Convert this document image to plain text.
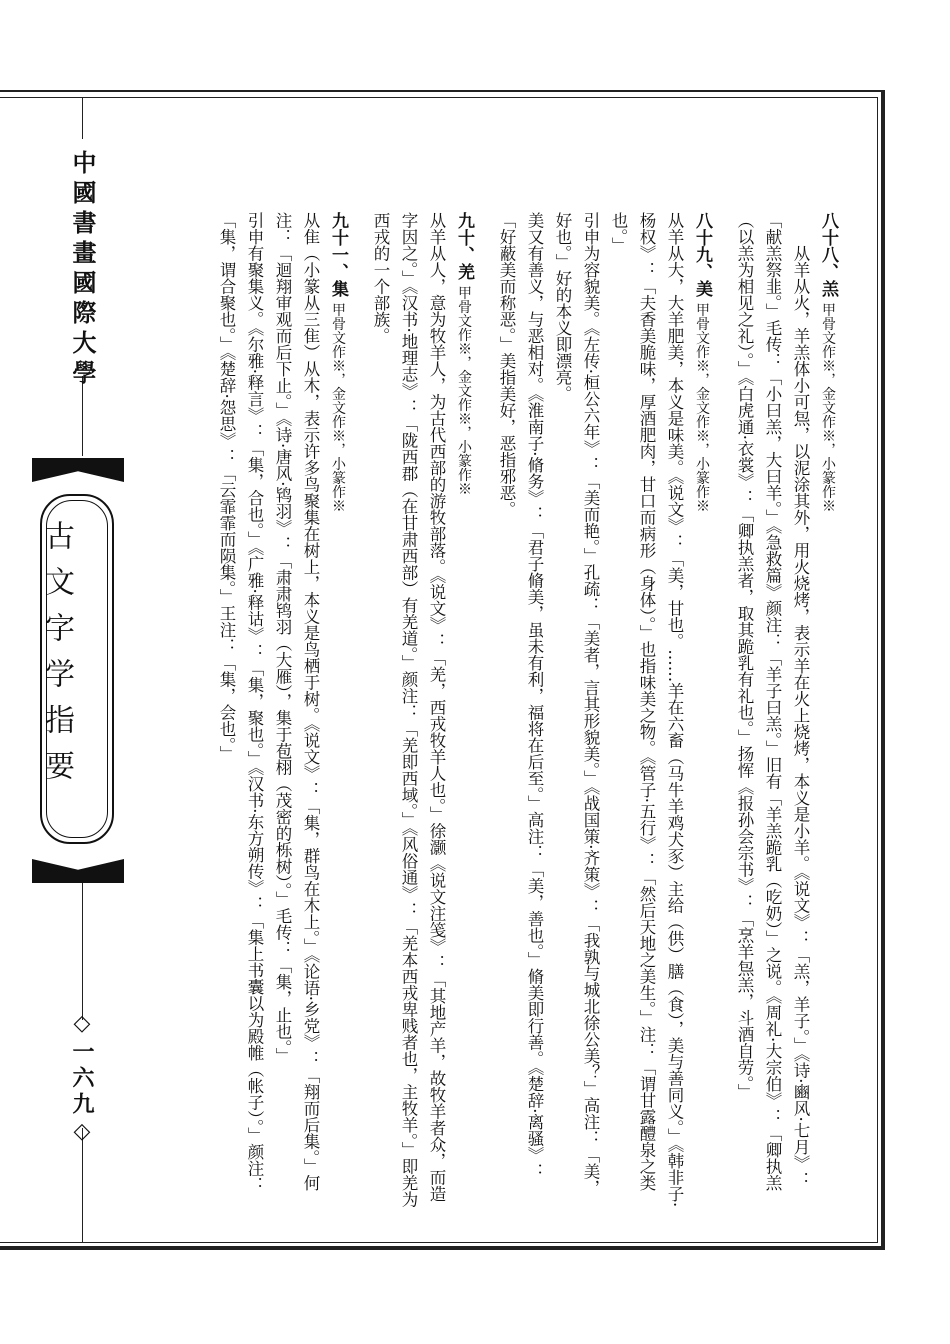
中國書畫國際大學
古文字学指要
◇一六九◇
八十八、羔 甲骨文作※，金文作※，小篆作※
从羊从火，羊羔体小可炰，以泥涂其外，用火烧烤，表示羊在火上烧烤，本义是小羊。《说文》：「羔，羊子。」《诗·豳风·七月》：「献羔祭韭。」毛传：「小曰羔，大曰羊。」《急救篇》颜注：「羊子曰羔。」旧有「羊羔跪乳（吃奶）」之说。《周礼·大宗伯》：「卿执羔（以羔为相见之礼）。」《白虎通·衣裳》：「卿执羔者，取其跪乳有礼也。」扬恽《报孙会宗书》：「烹羊炰羔，斗酒自劳。」
八十九、美 甲骨文作※，金文作※，小篆作※
从羊从大，大羊肥美，本义是味美。《说文》：「美，甘也。……羊在六畜（马牛羊鸡犬豕）主给（供）膳（食），美与善同义。」《韩非子·杨权》：「夫香美脆味，厚酒肥肉，甘口而病形（身体）。」也指味美之物。《管子·五行》：「然后天地之美生。」注：「谓甘露醴泉之类也。」
引申为容貌美。《左传·桓公六年》：「美而艳。」孔疏：「美者，言其形貌美。」《战国策·齐策》：「我孰与城北徐公美？」高注：「美，好也。」好的本义即漂亮。
美又有善义，与恶相对。《淮南子·脩务》：「君子脩美，虽未有利，福将在后至。」高注：「美，善也。」脩美即行善。《楚辞·离骚》：「好蔽美而称恶。」美指美好，恶指邪恶。
九十、羌 甲骨文作※，金文作※，小篆作※
从羊从人，意为牧羊人，为古代西部的游牧部落。《说文》：「羌，西戎牧羊人也。」徐灏《说文注笺》：「其地产羊，故牧羊者众，而造字因之。」《汉书·地理志》：「陇西郡（在甘肃西部）有羌道。」颜注：「羌即西域。」《风俗通》：「羌本西戎卑贱者也，主牧羊。」即羌为西戎的一个部族。
九十一、集 甲骨文作※，金文作※，小篆作※
从隹（小篆从三隹）从木，表示许多鸟聚集在树上，本义是鸟栖于树。《说文》：「集，群鸟在木上。」《论语·乡党》：「翔而后集。」何注：「迴翔审观而后下止。」《诗·唐风·鸨羽》：「肃肃鸨羽（大雁），集于苞栩（茂密的栎树）。」毛传：「集，止也。」
引申有聚集义。《尔雅·释言》：「集，合也。」《广雅·释诂》：「集，聚也。」《汉书·东方朔传》：「集上书囊以为殿帷（帐子）。」颜注：「集，谓合聚也。」《楚辞·怨思》：「云霏霏而陨集。」王注：「集，会也。」
